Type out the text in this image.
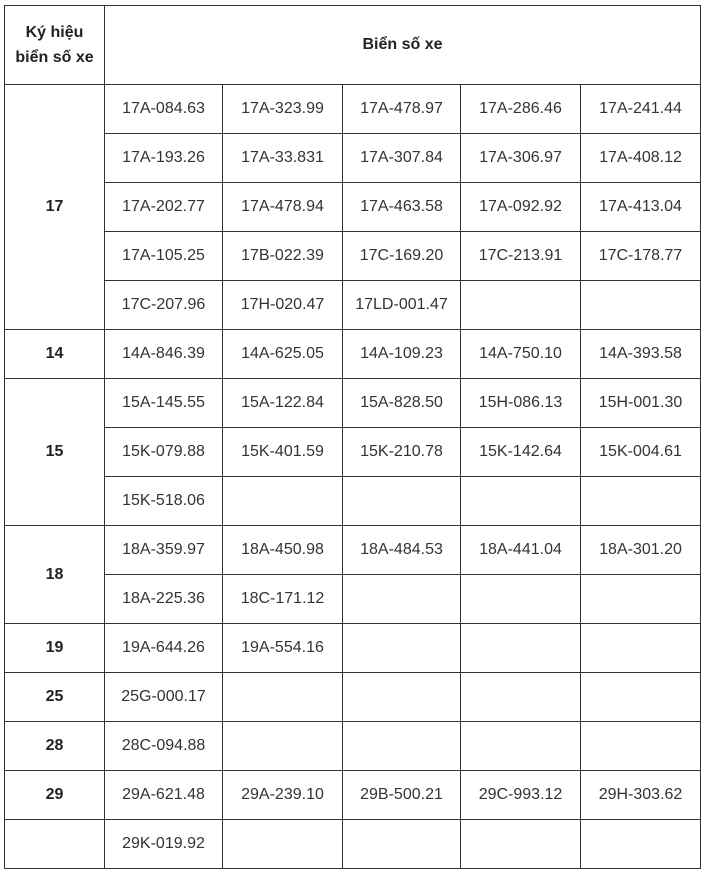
Ký hiệu
biển số xe	Biển số xe				
17	17A-084.63	17A-323.99	17A-478.97	17A-286.46	17A-241.44
	17A-193.26	17A-33.831	17A-307.84	17A-306.97	17A-408.12
	17A-202.77	17A-478.94	17A-463.58	17A-092.92	17A-413.04
	17A-105.25	17B-022.39	17C-169.20	17C-213.91	17C-178.77
	17C-207.96	17H-020.47	17LD-001.47		
14	14A-846.39	14A-625.05	14A-109.23	14A-750.10	14A-393.58
15	15A-145.55	15A-122.84	15A-828.50	15H-086.13	15H-001.30
	15K-079.88	15K-401.59	15K-210.78	15K-142.64	15K-004.61
	15K-518.06				
18	18A-359.97	18A-450.98	18A-484.53	18A-441.04	18A-301.20
	18A-225.36	18C-171.12			
19	19A-644.26	19A-554.16			
25	25G-000.17				
28	28C-094.88				
29	29A-621.48	29A-239.10	29B-500.21	29C-993.12	29H-303.62
	29K-019.92				
